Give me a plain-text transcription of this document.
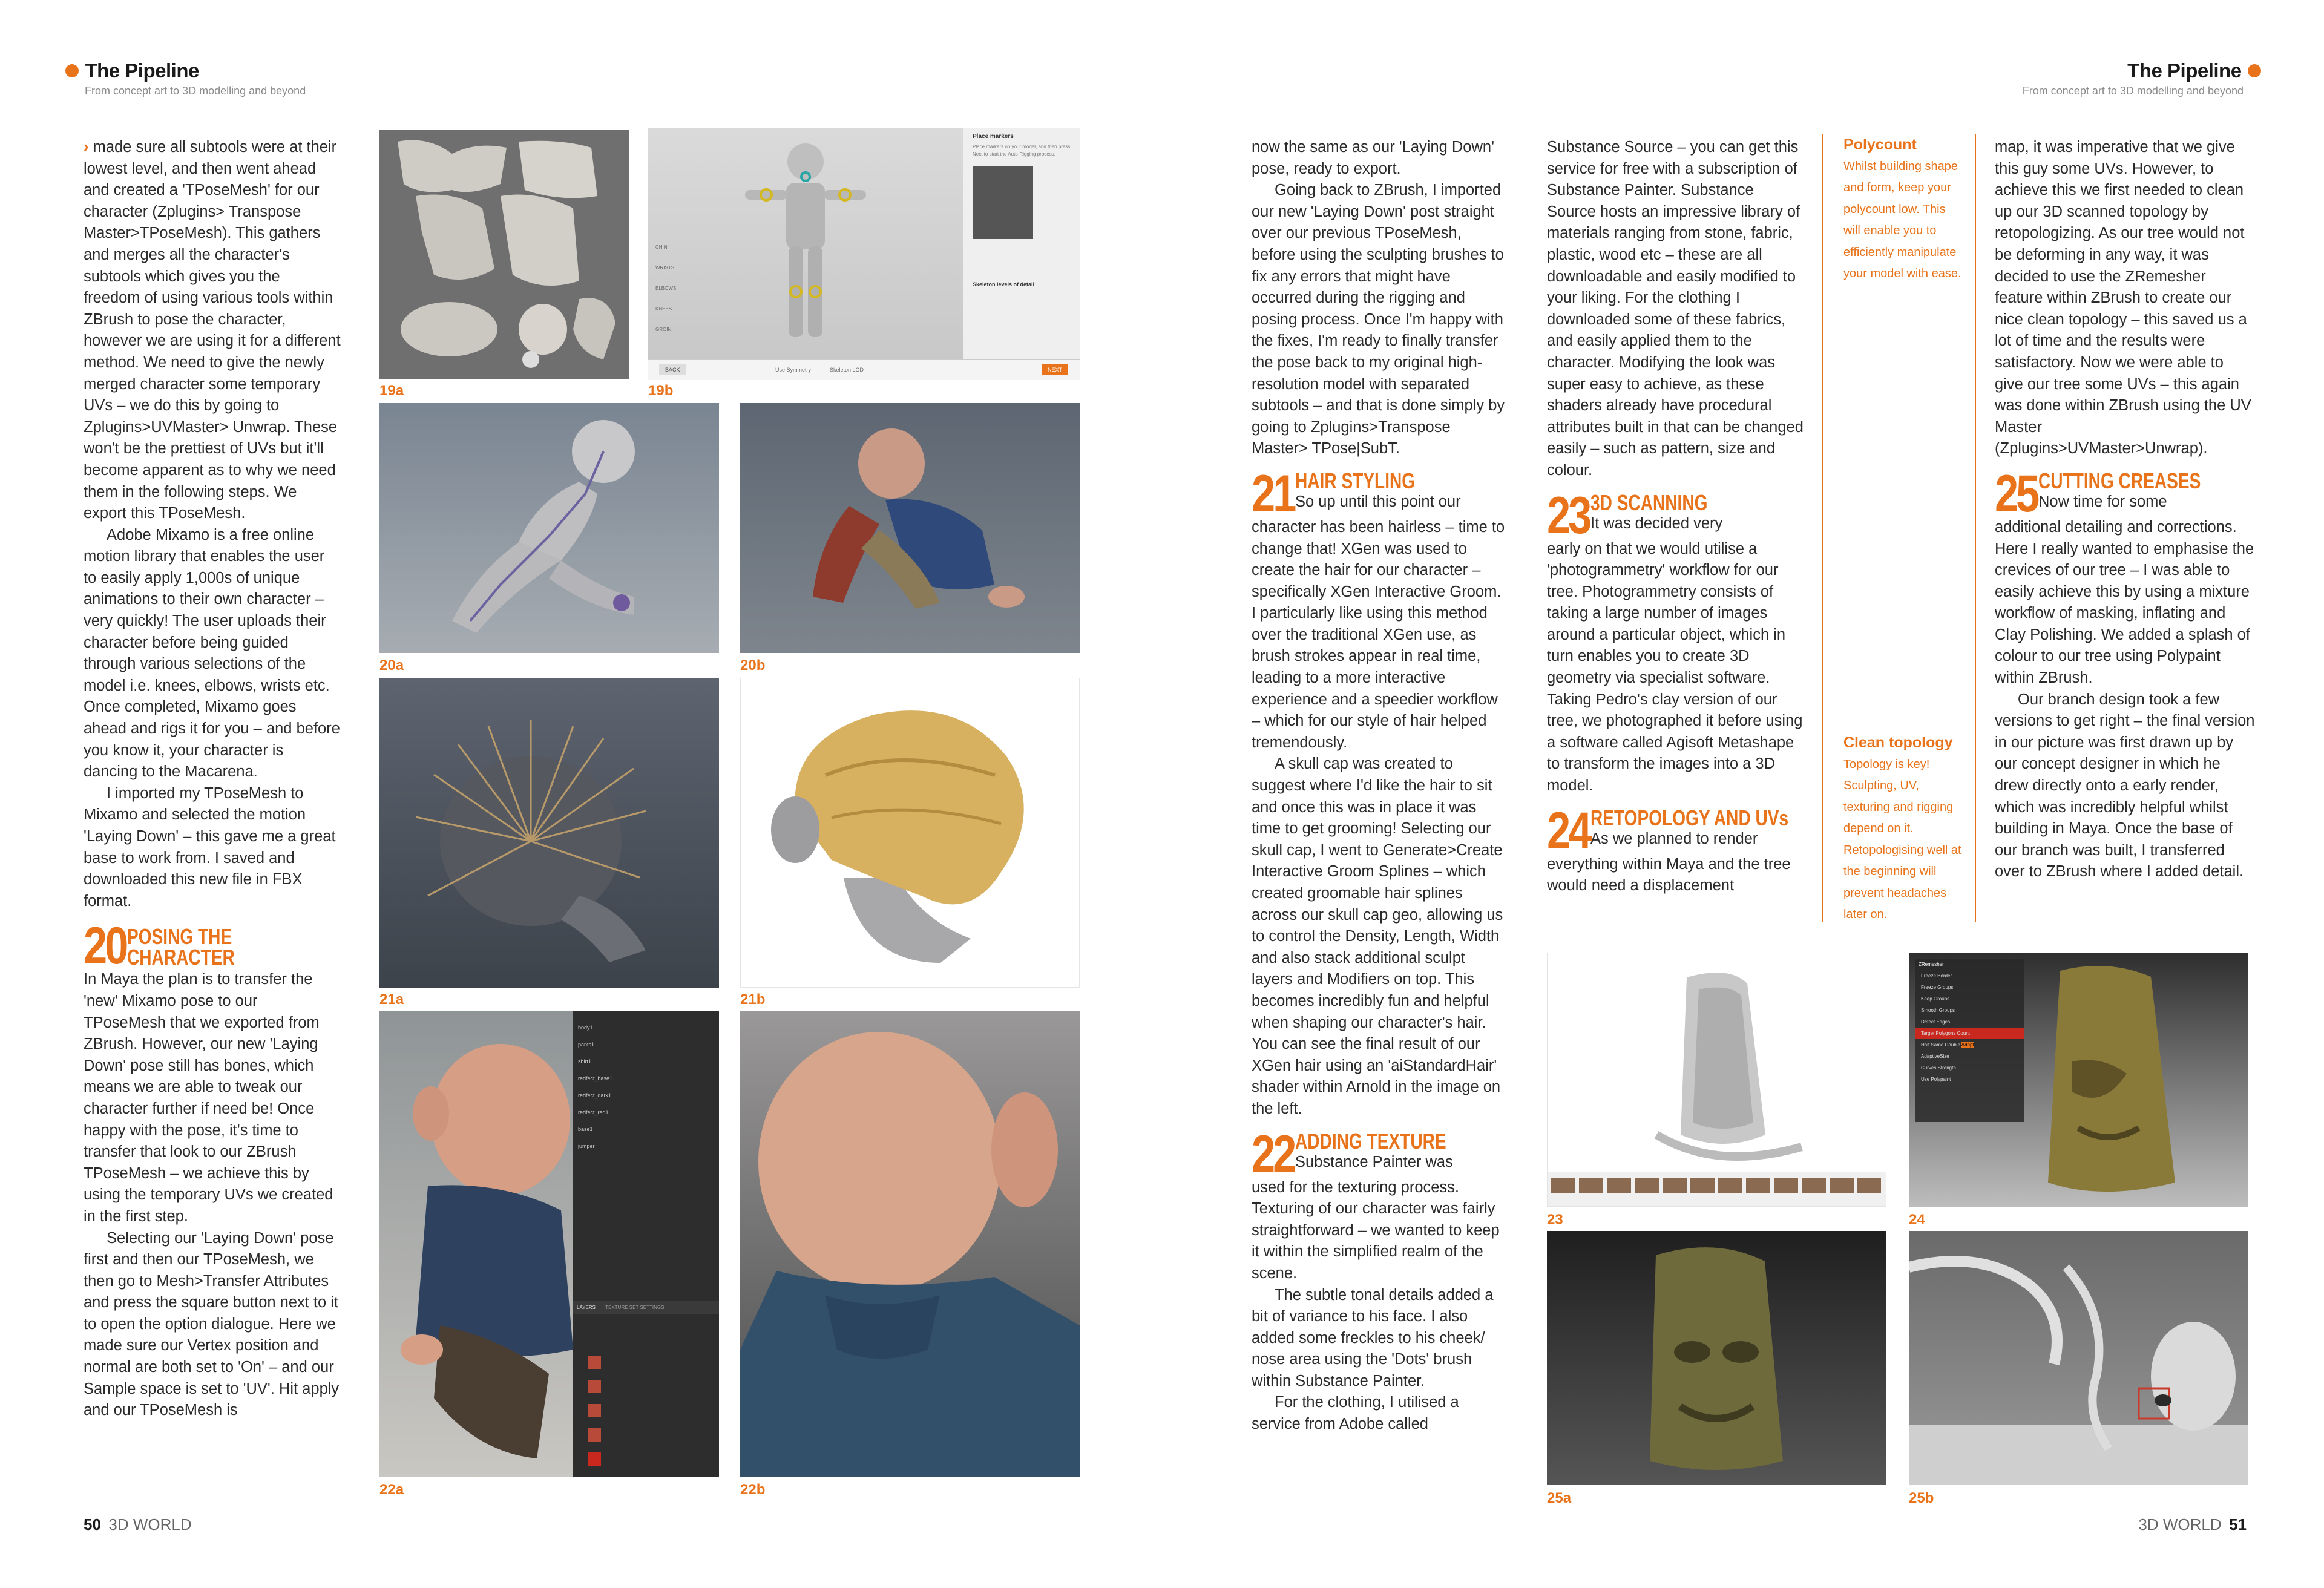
The Pipeline
From concept art to 3D modelling and beyond
The Pipeline
From concept art to 3D modelling and beyond

› made sure all subtools were at their lowest level, and then went ahead and created a 'TPoseMesh' for our character (Zplugins> Transpose Master>TPoseMesh). This gathers and merges all the character's subtools which gives you the freedom of using various tools within ZBrush to pose the character, however we are using it for a different method. We need to give the newly merged character some temporary UVs – we do this by going to Zplugins>UVMaster> Unwrap. These won't be the prettiest of UVs but it'll become apparent as to why we need them in the following steps. We export this TPoseMesh.

Adobe Mixamo is a free online motion library that enables the user to easily apply 1,000s of unique animations to their own character – very quickly! The user uploads their character before being guided through various selections of the model i.e. knees, elbows, wrists etc. Once completed, Mixamo goes ahead and rigs it for you – and before you know it, your character is dancing to the Macarena.

I imported my TPoseMesh to Mixamo and selected the motion 'Laying Down' – this gave me a great base to work from. I saved and downloaded this new file in FBX format.

20 POSING THE
CHARACTER

In Maya the plan is to transfer the 'new' Mixamo pose to our TPoseMesh that we exported from ZBrush. However, our new 'Laying Down' pose still has bones, which means we are able to tweak our character further if need be! Once happy with the pose, it's time to transfer that look to our ZBrush TPoseMesh – we achieve this by using the temporary UVs we created in the first step.

Selecting our 'Laying Down' pose first and then our TPoseMesh, we then go to Mesh>Transfer Attributes and press the square button next to it to open the option dialogue. Here we made sure our Vertex position and normal are both set to 'On' – and our Sample space is set to 'UV'. Hit apply and our TPoseMesh is

19a
CHIN
WRISTS
ELBOWS
KNEES
GROIN
Place markers
Place markers on your model, and then press Next to start the Auto-Rigging process.
Skeleton levels of detail
BACK	Use Symmetry	Skeleton LOD	NEXT
19b
20a	20b
21a	21b
body1
pants1
shirt1
redfect_base1
redfect_dark1
redfect_red1
base1
jumper
LAYERS TEXTURE SET SETTINGS
22a	22b

now the same as our 'Laying Down' pose, ready to export.

Going back to ZBrush, I imported our new 'Laying Down' post straight over our previous TPoseMesh, before using the sculpting brushes to fix any errors that might have occurred during the rigging and posing process. Once I'm happy with the fixes, I'm ready to finally transfer the pose back to my original high-resolution model with separated subtools – and that is done simply by going to Zplugins>Transpose Master> TPose|SubT.

21 HAIR STYLING
So up until this point our

character has been hairless – time to change that! XGen was used to create the hair for our character – specifically XGen Interactive Groom. I particularly like using this method over the traditional XGen use, as brush strokes appear in real time, leading to a more interactive experience and a speedier workflow – which for our style of hair helped tremendously.

A skull cap was created to suggest where I'd like the hair to sit and once this was in place it was time to get grooming! Selecting our skull cap, I went to Generate>Create Interactive Groom Splines – which created groomable hair splines across our skull cap geo, allowing us to control the Density, Length, Width and also stack additional sculpt layers and Modifiers on top. This becomes incredibly fun and helpful when shaping our character's hair. You can see the final result of our XGen hair using an 'aiStandardHair' shader within Arnold in the image on the left.

22 ADDING TEXTURE
Substance Painter was

used for the texturing process. Texturing of our character was fairly straightforward – we wanted to keep it within the simplified realm of the scene.

The subtle tonal details added a bit of variance to his face. I also added some freckles to his cheek/ nose area using the 'Dots' brush within Substance Painter.

For the clothing, I utilised a service from Adobe called

Substance Source – you can get this service for free with a subscription of Substance Painter. Substance Source hosts an impressive library of materials ranging from stone, fabric, plastic, wood etc – these are all downloadable and easily modified to your liking. For the clothing I downloaded some of these fabrics, and easily applied them to the character. Modifying the look was super easy to achieve, as these shaders already have procedural attributes built in that can be changed easily – such as pattern, size and colour.

23 3D SCANNING
It was decided very

early on that we would utilise a 'photogrammetry' workflow for our tree. Photogrammetry consists of taking a large number of images around a particular object, which in turn enables you to create 3D geometry via specialist software. Taking Pedro's clay version of our tree, we photographed it before using a software called Agisoft Metashape to transform the images into a 3D model.

24 RETOPOLOGY AND UVs
As we planned to render

everything within Maya and the tree would need a displacement

Polycount
Whilst building shape and form, keep your polycount low. This will enable you to efficiently manipulate your model with ease.
Clean topology
Topology is key! Sculpting, UV, texturing and rigging depend on it. Retopologising well at the beginning will prevent headaches later on.

map, it was imperative that we give this guy some UVs. However, to achieve this we first needed to clean up our 3D scanned topology by retopologizing. As our tree would not be deforming in any way, it was decided to use the ZRemesher feature within ZBrush to create our nice clean topology – this saved us a lot of time and the results were satisfactory. Now we were able to give our tree some UVs – this again was done within ZBrush using the UV Master (Zplugins>UVMaster>Unwrap).

25 CUTTING CREASES
Now time for some

additional detailing and corrections. Here I really wanted to emphasise the crevices of our tree – I was able to easily achieve this by using a mixture workflow of masking, inflating and Clay Polishing. We added a splash of colour to our tree using Polypaint within ZBrush.

Our branch design took a few versions to get right – the final version in our picture was first drawn up by our concept designer in which he drew directly onto a early render, which was incredibly helpful whilst building in Maya. Once the base of our branch was built, I transferred over to ZBrush where I added detail.

23
ZRemesher
Freeze Border
Freeze Groups
Keep Groups
Smooth Groups
Detect Edges
Target Polygons Count
Half Same Double Adapt
AdaptiveSize
Curves Strength
Use Polypaint
24
25a	25b
50 3D WORLD	3D WORLD 51
